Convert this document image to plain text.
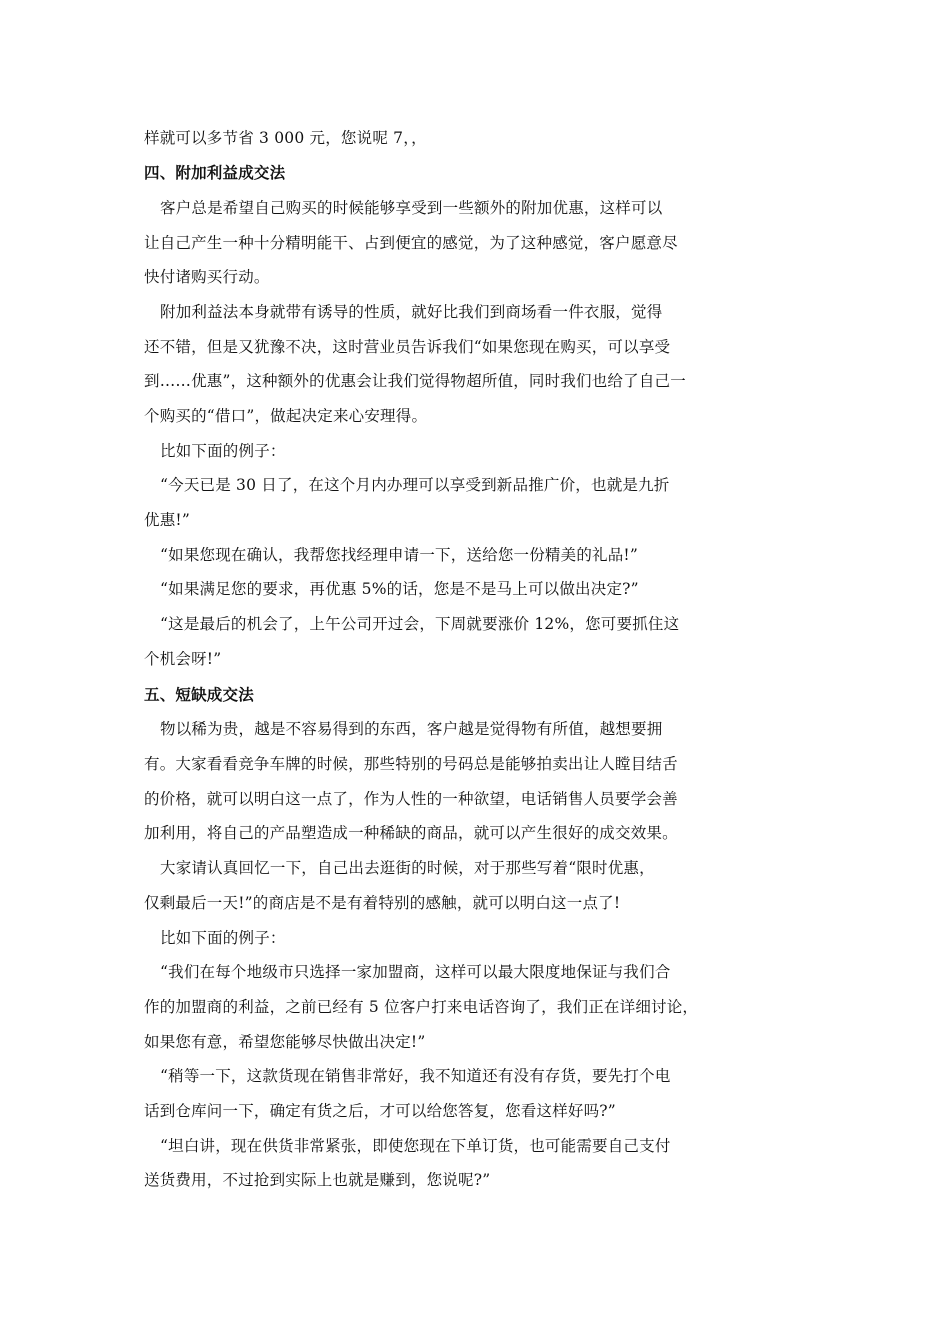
样就可以多节省 3 000 元，您说呢 7，，
四、附加利益成交法
客户总是希望自己购买的时候能够享受到一些额外的附加优惠，这样可以
让自己产生一种十分精明能干、占到便宜的感觉，为了这种感觉，客户愿意尽
快付诸购买行动。
附加利益法本身就带有诱导的性质，就好比我们到商场看一件衣服，觉得
还不错，但是又犹豫不决，这时营业员告诉我们“如果您现在购买，可以享受
到……优惠”，这种额外的优惠会让我们觉得物超所值，同时我们也给了自己一
个购买的“借口”，做起决定来心安理得。
比如下面的例子：
“今天已是 30 日了，在这个月内办理可以享受到新品推广价，也就是九折
优惠!”
“如果您现在确认，我帮您找经理申请一下，送给您一份精美的礼品!”
“如果满足您的要求，再优惠 5%的话，您是不是马上可以做出决定?”
“这是最后的机会了，上午公司开过会，下周就要涨价 12%，您可要抓住这
个机会呀!”
五、短缺成交法
物以稀为贵，越是不容易得到的东西，客户越是觉得物有所值，越想要拥
有。大家看看竞争车牌的时候，那些特别的号码总是能够拍卖出让人瞠目结舌
的价格，就可以明白这一点了，作为人性的一种欲望，电话销售人员要学会善
加利用，将自己的产品塑造成一种稀缺的商品，就可以产生很好的成交效果。
大家请认真回忆一下，自己出去逛街的时候，对于那些写着“限时优惠，
仅剩最后一天!”的商店是不是有着特别的感触，就可以明白这一点了!
比如下面的例子：
“我们在每个地级市只选择一家加盟商，这样可以最大限度地保证与我们合
作的加盟商的利益，之前已经有 5 位客户打来电话咨询了，我们正在详细讨论，
如果您有意，希望您能够尽快做出决定!”
“稍等一下，这款货现在销售非常好，我不知道还有没有存货，要先打个电
话到仓库问一下，确定有货之后，才可以给您答复，您看这样好吗?”
“坦白讲，现在供货非常紧张，即使您现在下单订货，也可能需要自己支付
送货费用，不过抢到实际上也就是赚到，您说呢?”
